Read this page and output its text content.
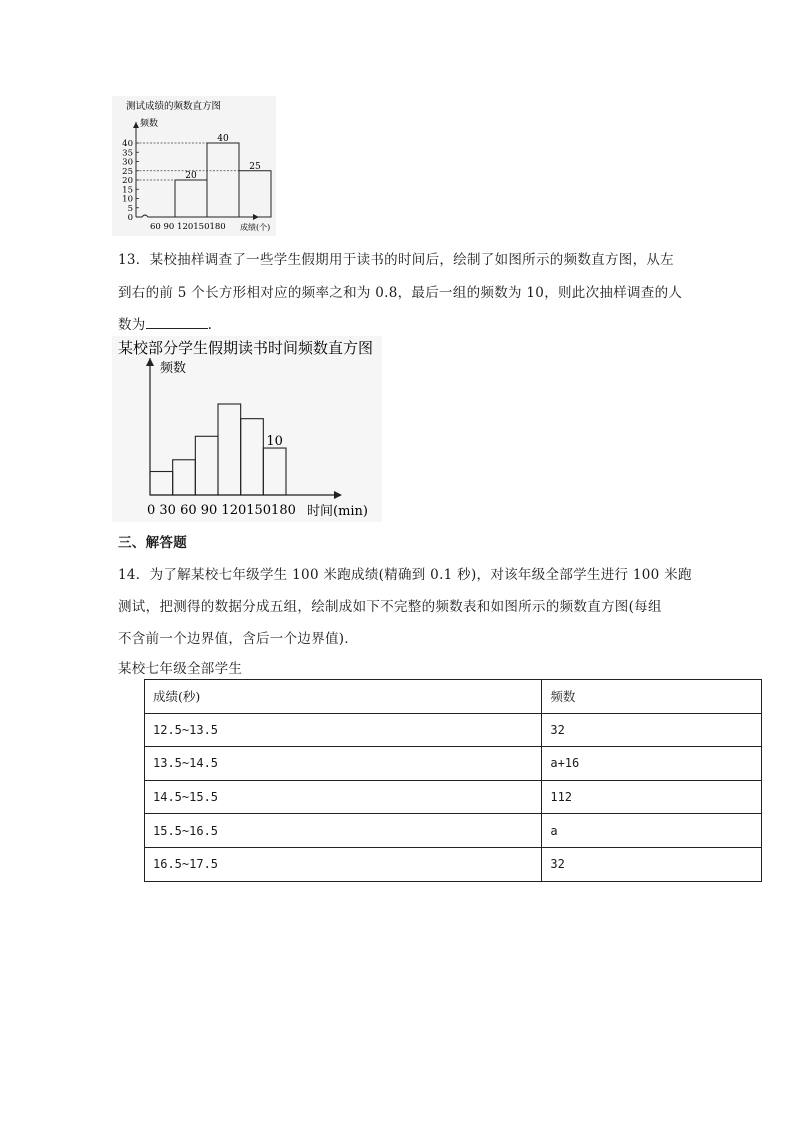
测试成绩的频数直方图
频数
0
5
10
15
20
25
30
35
40
20
40
25
60 90 120150180 成绩(个)
13．某校抽样调查了一些学生假期用于读书的时间后，绘制了如图所示的频数直方图，从左
到右的前 5 个长方形相对应的频率之和为 0.8，最后一组的频数为 10，则此次抽样调查的人
数为	.
某校部分学生假期读书时间频数直方图
频数
10
0 30 60 90 120150180 时间(min)
三、解答题
14．为了解某校七年级学生 100 米跑成绩(精确到 0.1 秒)，对该年级全部学生进行 100 米跑
测试，把测得的数据分成五组，绘制成如下不完整的频数表和如图所示的频数直方图(每组
不含前一个边界值，含后一个边界值)．
某校七年级全部学生
成绩(秒)	频数
12.5~13.5	32
13.5~14.5	a+16
14.5~15.5	112
15.5~16.5	a
16.5~17.5	32
